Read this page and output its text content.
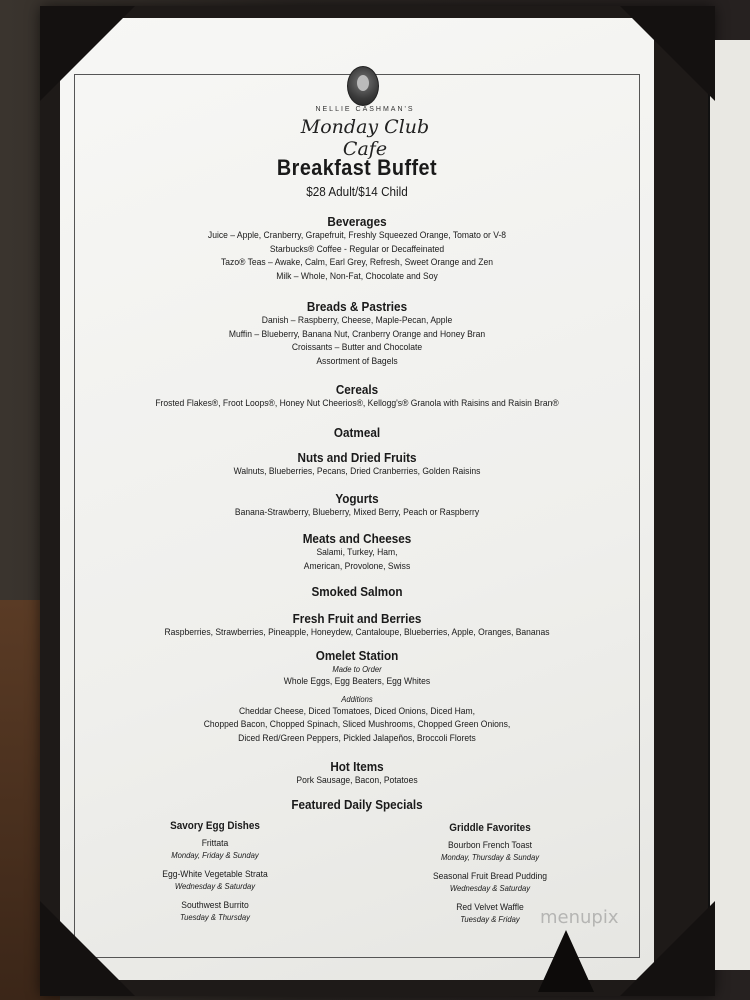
NELLIE CASHMAN'S
Monday Club Cafe
Breakfast Buffet
$28 Adult/$14 Child
Beverages
Juice – Apple, Cranberry, Grapefruit, Freshly Squeezed Orange, Tomato or V-8
Starbucks® Coffee - Regular or Decaffeinated
Tazo® Teas – Awake, Calm, Earl Grey, Refresh, Sweet Orange and Zen
Milk – Whole, Non-Fat, Chocolate and Soy
Breads & Pastries
Danish – Raspberry, Cheese, Maple-Pecan, Apple
Muffin – Blueberry, Banana Nut, Cranberry Orange and Honey Bran
Croissants – Butter and Chocolate
Assortment of Bagels
Cereals
Frosted Flakes®, Froot Loops®, Honey Nut Cheerios®, Kellogg's® Granola with Raisins and Raisin Bran®
Oatmeal
Nuts and Dried Fruits
Walnuts, Blueberries, Pecans, Dried Cranberries, Golden Raisins
Yogurts
Banana-Strawberry, Blueberry, Mixed Berry, Peach or Raspberry
Meats and Cheeses
Salami, Turkey, Ham,
American, Provolone, Swiss
Smoked Salmon
Fresh Fruit and Berries
Raspberries, Strawberries, Pineapple, Honeydew, Cantaloupe, Blueberries, Apple, Oranges, Bananas
Omelet Station
Made to Order
Whole Eggs, Egg Beaters, Egg Whites
Additions
Cheddar Cheese, Diced Tomatoes, Diced Onions, Diced Ham,
Chopped Bacon, Chopped Spinach, Sliced Mushrooms, Chopped Green Onions,
Diced Red/Green Peppers, Pickled Jalapeños, Broccoli Florets
Hot Items
Pork Sausage, Bacon, Potatoes
Featured Daily Specials
Savory Egg Dishes
Frittata
Monday, Friday & Sunday
Egg-White Vegetable Strata
Wednesday & Saturday
Southwest Burrito
Tuesday & Thursday
Griddle Favorites
Bourbon French Toast
Monday, Thursday & Sunday
Seasonal Fruit Bread Pudding
Wednesday & Saturday
Red Velvet Waffle
Tuesday & Friday	menupix
